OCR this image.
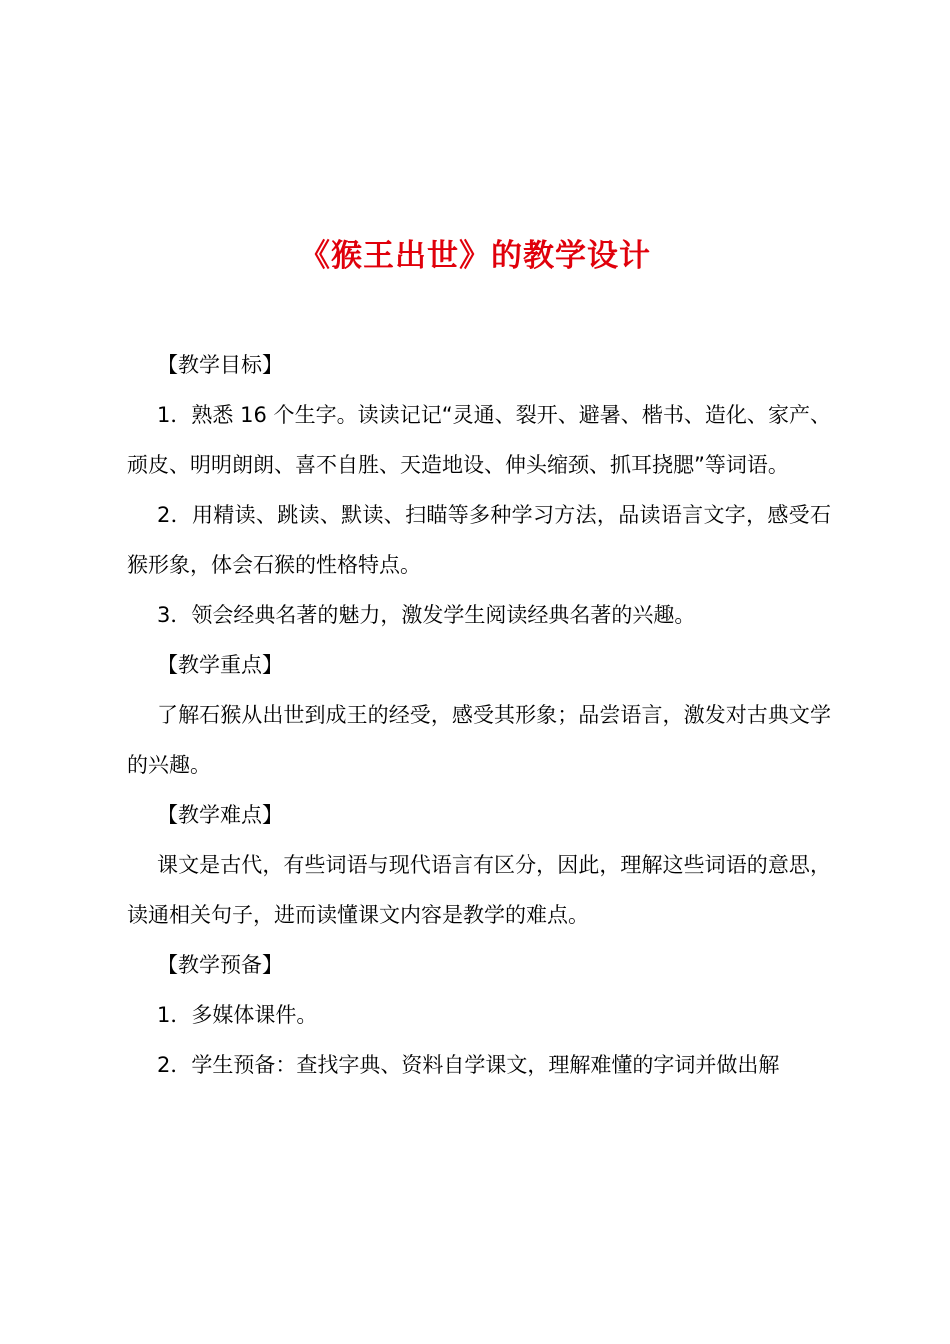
《猴王出世》的教学设计

【教学目标】

1．熟悉 16 个生字。读读记记“灵通、裂开、避暑、楷书、造化、家产、顽皮、明明朗朗、喜不自胜、天造地设、伸头缩颈、抓耳挠腮”等词语。

2．用精读、跳读、默读、扫瞄等多种学习方法，品读语言文字，感受石猴形象，体会石猴的性格特点。

3．领会经典名著的魅力，激发学生阅读经典名著的兴趣。

【教学重点】

了解石猴从出世到成王的经受，感受其形象；品尝语言，激发对古典文学的兴趣。

【教学难点】

课文是古代，有些词语与现代语言有区分，因此，理解这些词语的意思，读通相关句子，进而读懂课文内容是教学的难点。

【教学预备】

1．多媒体课件。

2．学生预备：查找字典、资料自学课文，理解难懂的字词并做出解
